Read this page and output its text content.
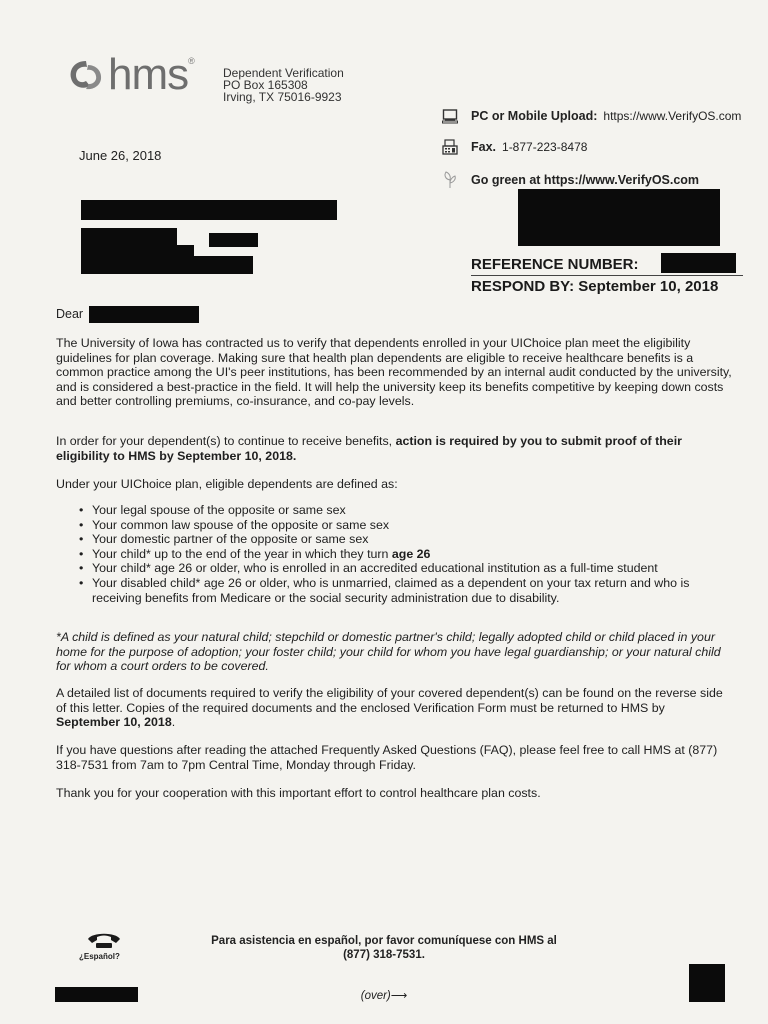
hms ®
Dependent Verification
PO Box 165308
Irving, TX 75016-9923
June 26, 2018
PC or Mobile Upload: https://www.VerifyOS.com
Fax. 1-877-223-8478
Go green at https://www.VerifyOS.com
REFERENCE NUMBER:
RESPOND BY: September 10, 2018
Dear

The University of Iowa has contracted us to verify that dependents enrolled in your UIChoice plan meet the eligibility guidelines for plan coverage. Making sure that health plan dependents are eligible to receive healthcare benefits is a common practice among the UI's peer institutions, has been recommended by an internal audit conducted by the university, and is considered a best-practice in the field. It will help the university keep its benefits competitive by keeping down costs and better controlling premiums, co-insurance, and co-pay levels.

In order for your dependent(s) to continue to receive benefits, action is required by you to submit proof of their eligibility to HMS by September 10, 2018.

Under your UIChoice plan, eligible dependents are defined as:

• Your legal spouse of the opposite or same sex
• Your common law spouse of the opposite or same sex
• Your domestic partner of the opposite or same sex
• Your child* up to the end of the year in which they turn age 26
• Your child* age 26 or older, who is enrolled in an accredited educational institution as a full-time student
• Your disabled child* age 26 or older, who is unmarried, claimed as a dependent on your tax return and who is receiving benefits from Medicare or the social security administration due to disability.

*A child is defined as your natural child; stepchild or domestic partner's child; legally adopted child or child placed in your home for the purpose of adoption; your foster child; your child for whom you have legal guardianship; or your natural child for whom a court orders to be covered.

A detailed list of documents required to verify the eligibility of your covered dependent(s) can be found on the reverse side of this letter. Copies of the required documents and the enclosed Verification Form must be returned to HMS by September 10, 2018.

If you have questions after reading the attached Frequently Asked Questions (FAQ), please feel free to call HMS at (877) 318-7531 from 7am to 7pm Central Time, Monday through Friday.

Thank you for your cooperation with this important effort to control healthcare plan costs.

¿Español?
Para asistencia en español, por favor comuníquese con HMS al
(877) 318-7531.
(over)⟶
